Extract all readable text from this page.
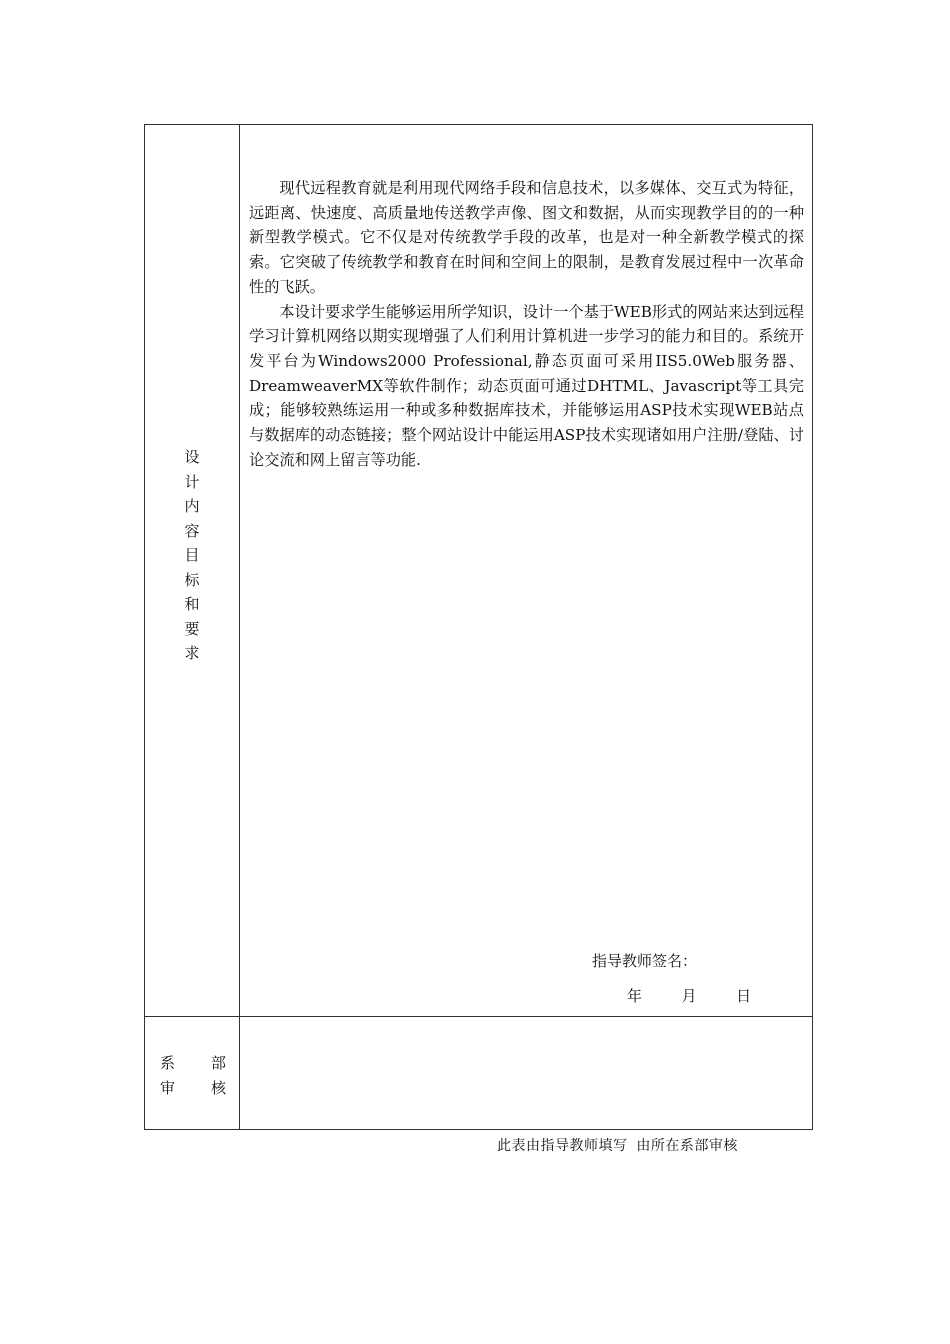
设
计
内
容
目
标
和
要
求

现代远程教育就是利用现代网络手段和信息技术，以多媒体、交互式为特征，远距离、快速度、高质量地传送教学声像、图文和数据，从而实现教学目的的一种新型教学模式。它不仅是对传统教学手段的改革，也是对一种全新教学模式的探索。它突破了传统教学和教育在时间和空间上的限制，是教育发展过程中一次革命性的飞跃。

本设计要求学生能够运用所学知识，设计一个基于WEB形式的网站来达到远程学习计算机网络以期实现增强了人们利用计算机进一步学习的能力和目的。系统开发平台为Windows2000 Professional,静态页面可采用IIS5.0Web服务器、DreamweaverMX等软件制作；动态页面可通过DHTML、Javascript等工具完成；能够较熟练运用一种或多种数据库技术，并能够运用ASP技术实现WEB站点与数据库的动态链接；整个网站设计中能运用ASP技术实现诸如用户注册/登陆、讨论交流和网上留言等功能.

指导教师签名：
年	月	日
系 部
审 核
此表由指导教师填写 由所在系部审核
